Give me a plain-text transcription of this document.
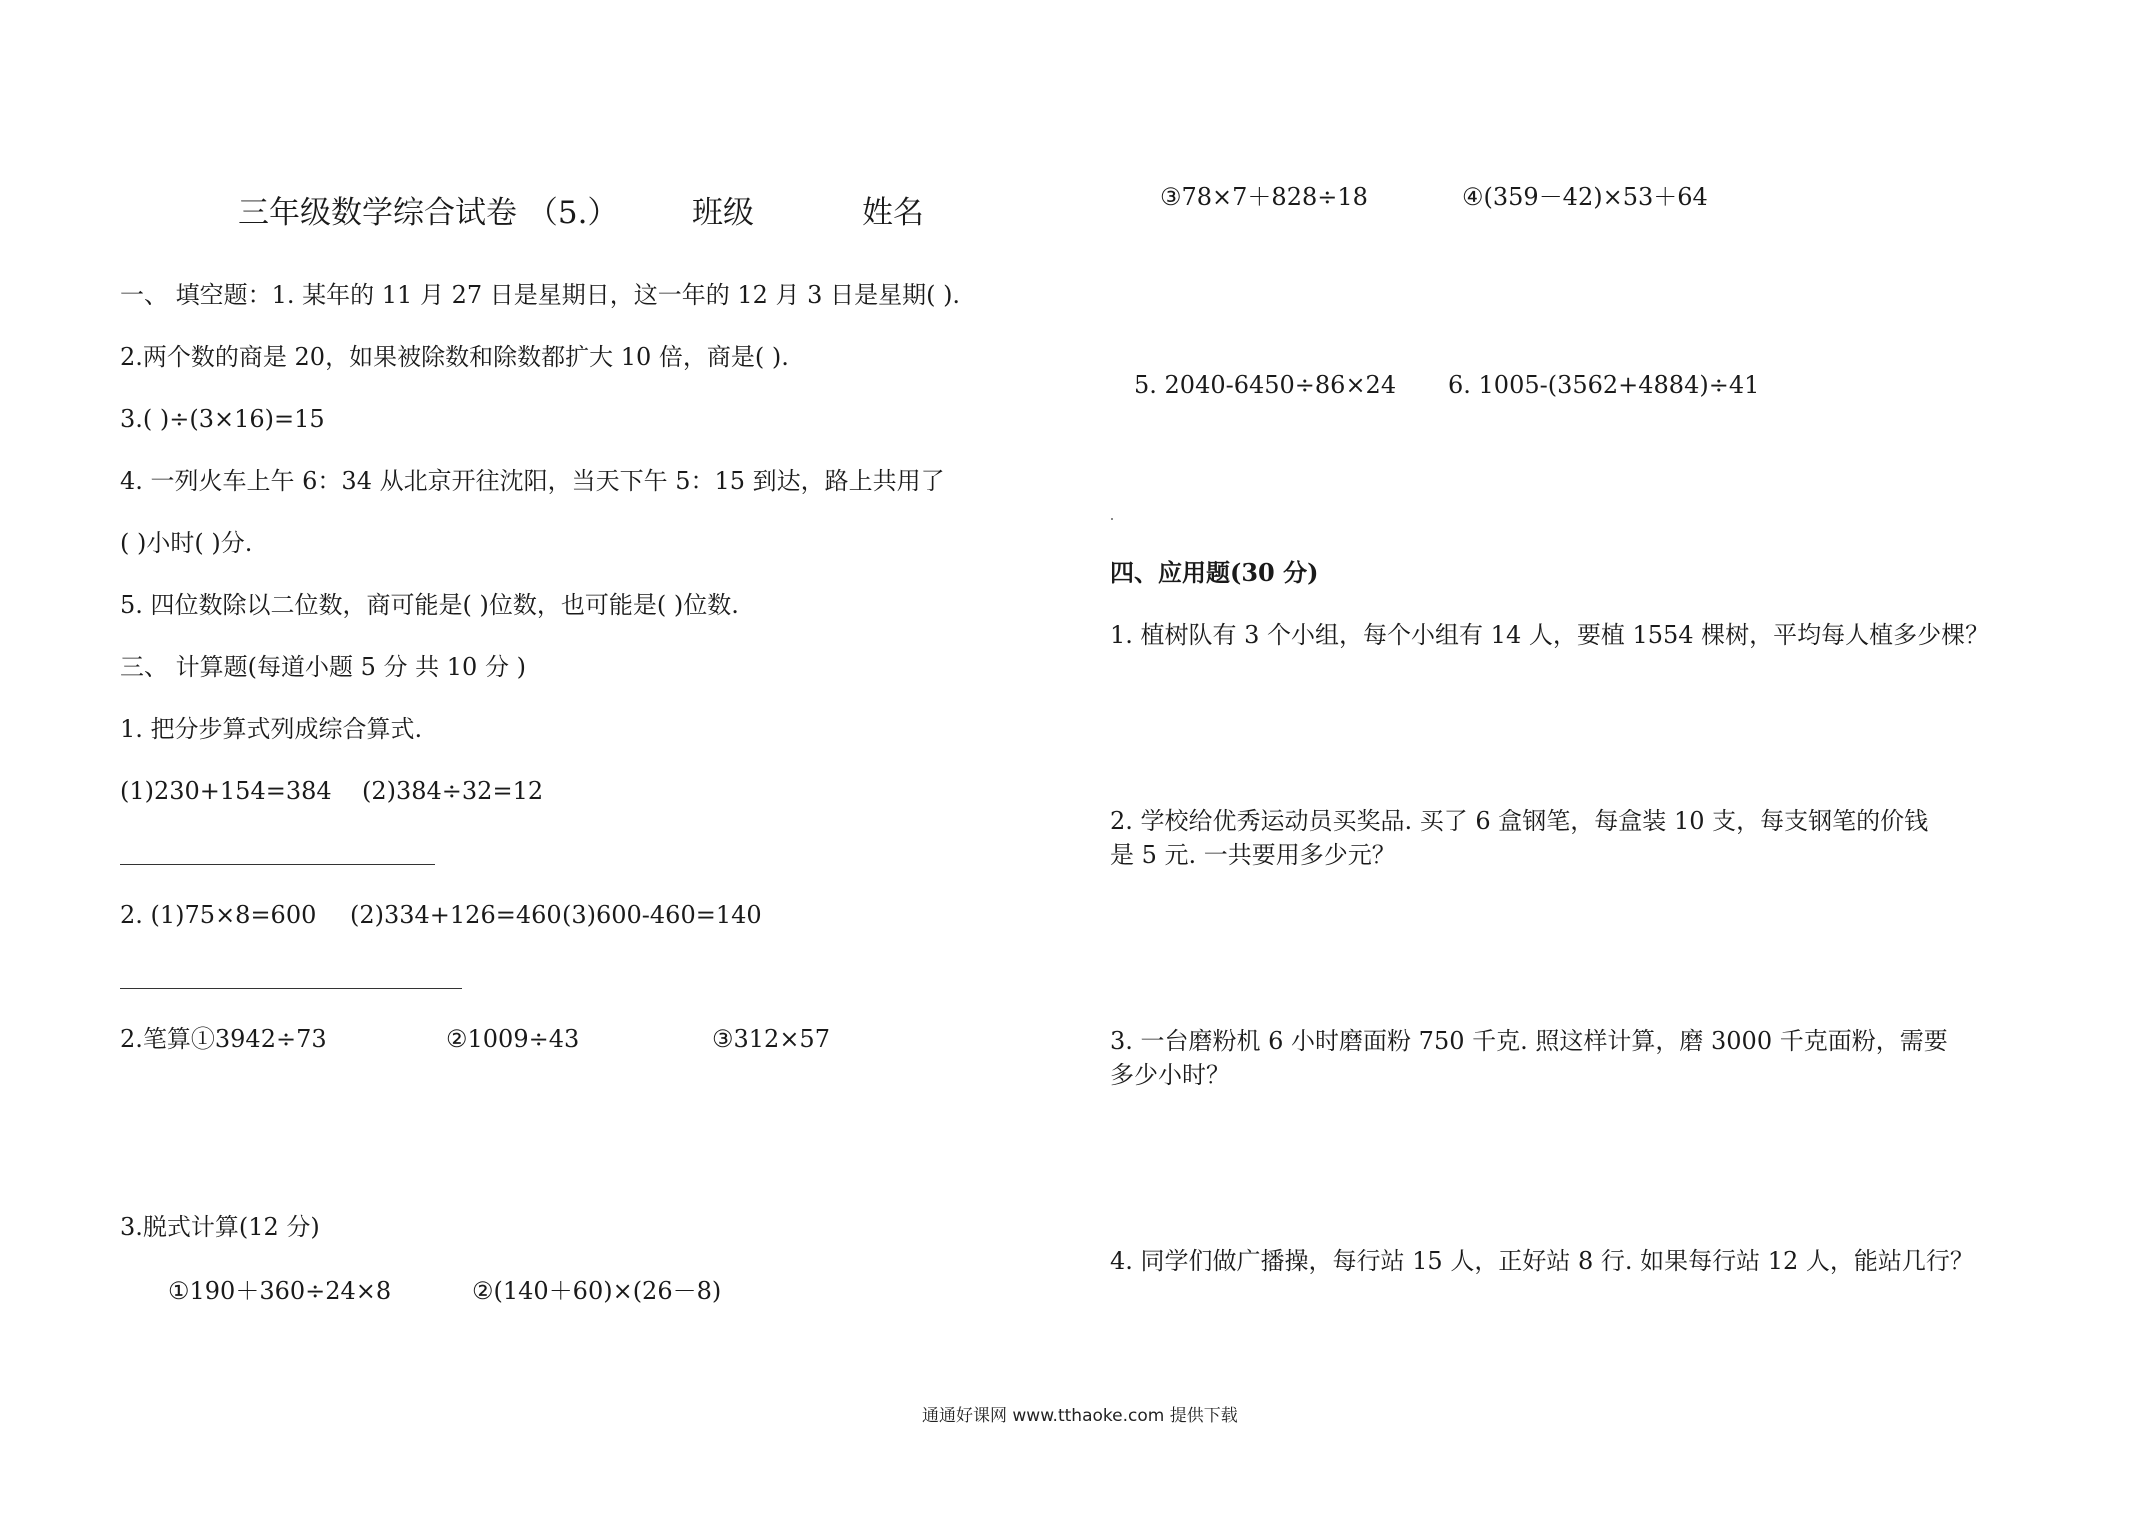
三年级数学综合试卷 （5.） 班级	姓名
一、 填空题：1. 某年的 11 月 27 日是星期日，这一年的 12 月 3 日是星期( ).
2.两个数的商是 20，如果被除数和除数都扩大 10 倍，商是( ).
3.( )÷(3×16)=15
4. 一列火车上午 6：34 从北京开往沈阳，当天下午 5：15 到达，路上共用了
( )小时( )分.
5. 四位数除以二位数，商可能是( )位数，也可能是( )位数.
三、 计算题(每道小题 5 分 共 10 分 )
1. 把分步算式列成综合算式.
(1)230+154=384 (2)384÷32=12
2. (1)75×8=600 (2)334+126=460 (3)600-460=140
2.笔算①3942÷73	②1009÷43	③312×57
3.脱式计算(12 分)
①190＋360÷24×8	②(140＋60)×(26－8)
③78×7＋828÷18	④(359－42)×53＋64
5. 2040-6450÷86×24 6. 1005-(3562+4884)÷41
四、应用题(30 分)
1. 植树队有 3 个小组，每个小组有 14 人，要植 1554 棵树，平均每人植多少棵？
2. 学校给优秀运动员买奖品. 买了 6 盒钢笔，每盒装 10 支，每支钢笔的价钱
是 5 元. 一共要用多少元？
3. 一台磨粉机 6 小时磨面粉 750 千克. 照这样计算，磨 3000 千克面粉，需要
多少小时？
4. 同学们做广播操，每行站 15 人，正好站 8 行. 如果每行站 12 人，能站几行？
通通好课网 www.tthaoke.com 提供下载
